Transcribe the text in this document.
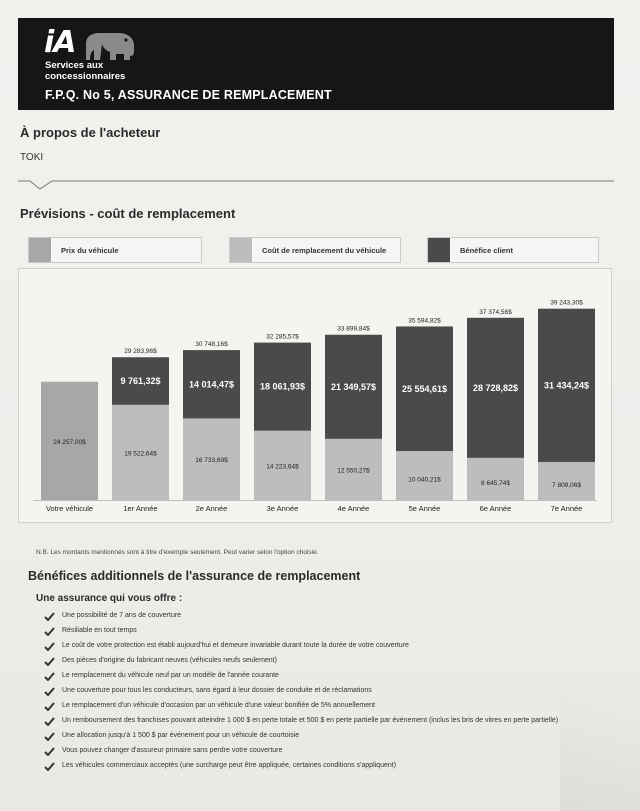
iA
Services aux
concessionnaires
F.P.Q. No 5, ASSURANCE DE REMPLACEMENT
À propos de l'acheteur
TOKI
Prévisions - coût de remplacement
Prix du véhicule	Coût de remplacement du véhicule	Bénéfice client
24 257,00$
Votre véhicule
19 522,64$
9 761,32$
29 283,96$
1er Année
16 733,69$
14 014,47$
30 748,16$
2e Année
14 223,64$
18 061,93$
32 285,57$
3e Année
12 550,27$
21 349,57$
33 899,84$
4e Année
10 040,21$
25 554,61$
35 594,82$
5e Année
8 645,74$
28 728,82$
37 374,56$
6e Année
7 809,06$
31 434,24$
39 243,30$
7e Année
N.B. Les montants mentionnés sont à titre d'exemple seulement. Peut varier selon l'option choisie.
Bénéfices additionnels de l'assurance de remplacement
Une assurance qui vous offre :
Une possibilité de 7 ans de couverture
Résiliable en tout temps
Le coût de votre protection est établi aujourd'hui et demeure invariable durant toute la durée de votre couverture
Des pièces d'origine du fabricant neuves (véhicules neufs seulement)
Le remplacement du véhicule neuf par un modèle de l'année courante
Une couverture pour tous les conducteurs, sans égard à leur dossier de conduite et de réclamations
Le remplacement d'un véhicule d'occasion par un véhicule d'une valeur bonifiée de 5% annuellement
Un remboursement des franchises pouvant atteindre 1 000 $ en perte totale et 500 $ en perte partielle par événement (inclus les bris de vitres en perte partielle)
Une allocation jusqu'à 1 500 $ par événement pour un véhicule de courtoisie
Vous pouvez changer d'assureur primaire sans perdre votre couverture
Les véhicules commerciaux acceptés (une surcharge peut être appliquée, certaines conditions s'appliquent)
